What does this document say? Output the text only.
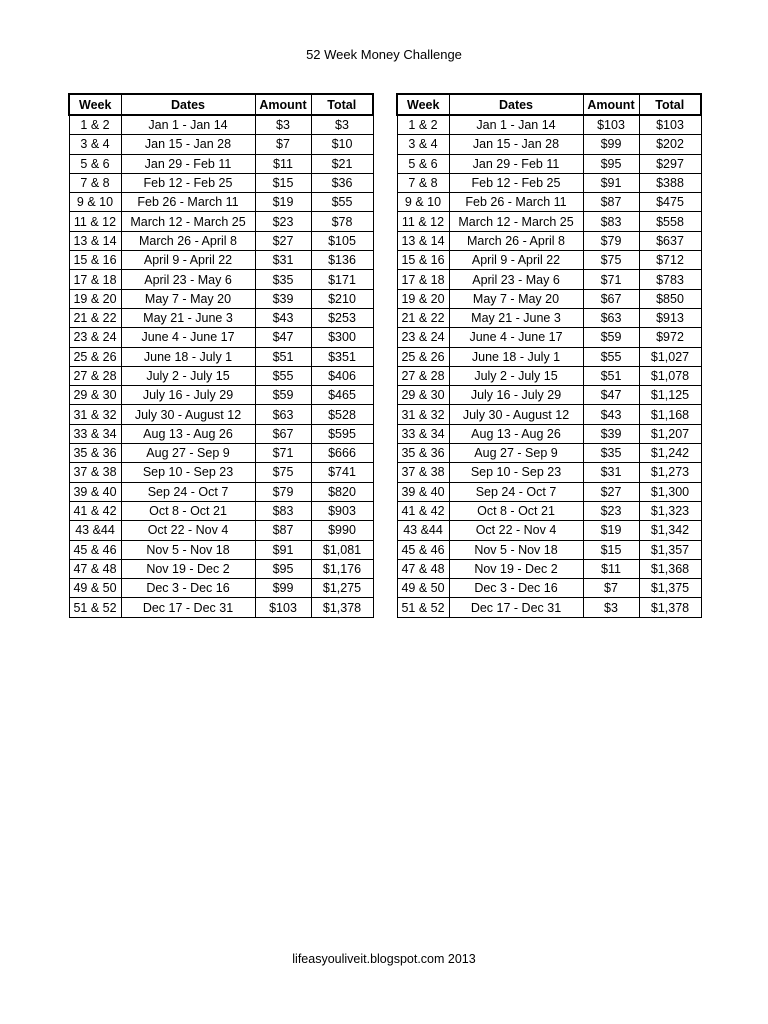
52 Week Money Challenge
Week	Dates	Amount	Total
1 & 2	Jan 1 - Jan 14	$3	$3
3 & 4	Jan 15 - Jan 28	$7	$10
5 & 6	Jan 29 - Feb 11	$11	$21
7 & 8	Feb 12 - Feb 25	$15	$36
9 & 10	Feb 26 - March 11	$19	$55
11 & 12	March 12 - March 25	$23	$78
13 & 14	March 26 - April 8	$27	$105
15 & 16	April 9 - April 22	$31	$136
17 & 18	April 23 - May 6	$35	$171
19 & 20	May 7 - May 20	$39	$210
21 & 22	May 21 - June 3	$43	$253
23 & 24	June 4 - June 17	$47	$300
25 & 26	June 18 - July 1	$51	$351
27 & 28	July 2 - July 15	$55	$406
29 & 30	July 16 - July 29	$59	$465
31 & 32	July 30 - August 12	$63	$528
33 & 34	Aug 13 - Aug 26	$67	$595
35 & 36	Aug 27 - Sep 9	$71	$666
37 & 38	Sep 10 - Sep 23	$75	$741
39 & 40	Sep 24 - Oct 7	$79	$820
41 & 42	Oct 8 - Oct 21	$83	$903
43 &44	Oct 22 - Nov 4	$87	$990
45 & 46	Nov 5 - Nov 18	$91	$1,081
47 & 48	Nov 19 - Dec 2	$95	$1,176
49 & 50	Dec 3 - Dec 16	$99	$1,275
51 & 52	Dec 17 - Dec 31	$103	$1,378
Week	Dates	Amount	Total
1 & 2	Jan 1 - Jan 14	$103	$103
3 & 4	Jan 15 - Jan 28	$99	$202
5 & 6	Jan 29 - Feb 11	$95	$297
7 & 8	Feb 12 - Feb 25	$91	$388
9 & 10	Feb 26 - March 11	$87	$475
11 & 12	March 12 - March 25	$83	$558
13 & 14	March 26 - April 8	$79	$637
15 & 16	April 9 - April 22	$75	$712
17 & 18	April 23 - May 6	$71	$783
19 & 20	May 7 - May 20	$67	$850
21 & 22	May 21 - June 3	$63	$913
23 & 24	June 4 - June 17	$59	$972
25 & 26	June 18 - July 1	$55	$1,027
27 & 28	July 2 - July 15	$51	$1,078
29 & 30	July 16 - July 29	$47	$1,125
31 & 32	July 30 - August 12	$43	$1,168
33 & 34	Aug 13 - Aug 26	$39	$1,207
35 & 36	Aug 27 - Sep 9	$35	$1,242
37 & 38	Sep 10 - Sep 23	$31	$1,273
39 & 40	Sep 24 - Oct 7	$27	$1,300
41 & 42	Oct 8 - Oct 21	$23	$1,323
43 &44	Oct 22 - Nov 4	$19	$1,342
45 & 46	Nov 5 - Nov 18	$15	$1,357
47 & 48	Nov 19 - Dec 2	$11	$1,368
49 & 50	Dec 3 - Dec 16	$7	$1,375
51 & 52	Dec 17 - Dec 31	$3	$1,378
lifeasyouliveit.blogspot.com 2013
